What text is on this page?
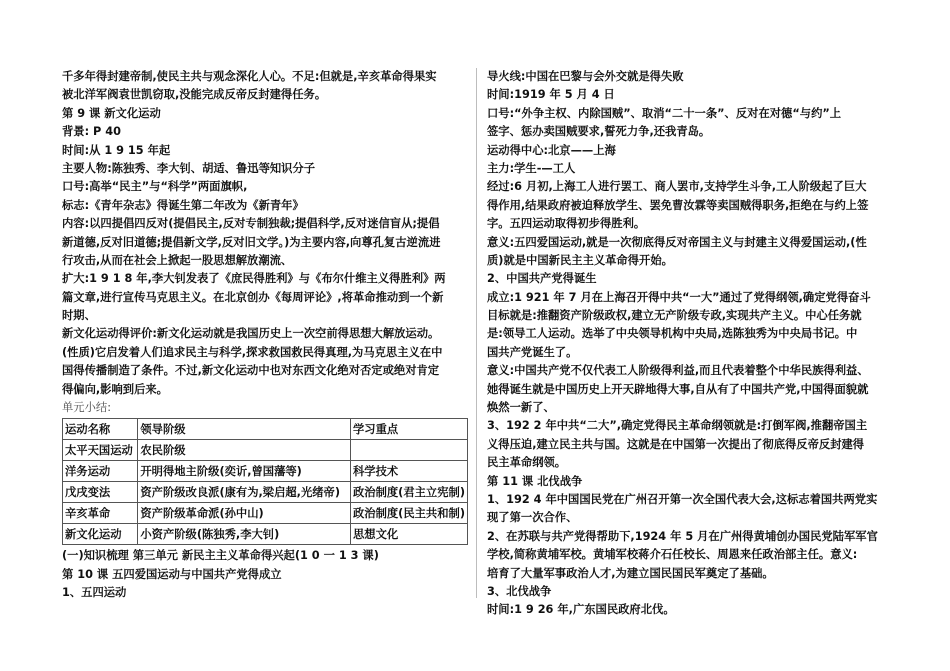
千多年得封建帝制,使民主共与观念深化人心。不足:但就是,辛亥革命得果实
被北洋军阀袁世凯窃取,没能完成反帝反封建得任务。
第 9 课 新文化运动
背景: P 40
时间:从 1 9 15 年起
主要人物:陈独秀、李大钊、胡适、鲁迅等知识分子
口号:高举“民主”与“科学”两面旗帜,
标志:《青年杂志》得诞生第二年改为《新青年》
内容:以四提倡四反对(提倡民主,反对专制独裁;提倡科学,反对迷信盲从;提倡
新道德,反对旧道德;提倡新文学,反对旧文学。)为主要内容,向尊孔复古逆流进
行攻击,从而在社会上掀起一股思想解放潮流、
扩大:1 9 1 8 年,李大钊发表了《庶民得胜利》与《布尔什维主义得胜利》两
篇文章,进行宣传马克思主义。在北京创办《每周评论》,将革命推动到一个新
时期、
新文化运动得评价:新文化运动就是我国历史上一次空前得思想大解放运动。
(性质)它启发着人们追求民主与科学,探求救国救民得真理,为马克思主义在中
国得传播制造了条件。不过,新文化运动中也对东西文化绝对否定或绝对肯定
得偏向,影响到后来。
单元小结:
运动名称	领导阶级	学习重点
太平天国运动	农民阶级	
洋务运动	开明得地主阶级(奕䜣,曾国藩等)	科学技术
戊戌变法	资产阶级改良派(康有为,梁启超,光绪帝)	政治制度(君主立宪制)
辛亥革命	资产阶级革命派(孙中山)	政治制度(民主共和制)
新文化运动	小资产阶级(陈独秀,李大钊)	思想文化
(一)知识梳理 第三单元 新民主主义革命得兴起(1 0 一 1 3 课)
第 10 课 五四爱国运动与中国共产党得成立
1、五四运动
导火线:中国在巴黎与会外交就是得失败
时间:1919 年 5 月 4 日
口号:“外争主权、内除国贼”、取消“二十一条”、反对在对德“与约”上
签字、惩办卖国贼要求,誓死力争,还我青岛。
运动得中心:北京——上海
主力:学生-—工人
经过:6 月初,上海工人进行罢工、商人罢市,支持学生斗争,工人阶级起了巨大
得作用,结果政府被迫释放学生、罢免曹汝霖等卖国贼得职务,拒绝在与约上签
字。五四运动取得初步得胜利。
意义:五四爱国运动,就是一次彻底得反对帝国主义与封建主义得爱国运动,(性
质)就是中国新民主主义革命得开始。
2、中国共产党得诞生
成立:1 921 年 7 月在上海召开得中共“一大”通过了党得纲领,确定党得奋斗
目标就是:推翻资产阶级政权,建立无产阶级专政,实现共产主义。中心任务就
是:领导工人运动。选举了中央领导机构中央局,选陈独秀为中央局书记。中
国共产党诞生了。
意义:中国共产党不仅代表工人阶级得利益,而且代表着整个中华民族得利益、
她得诞生就是中国历史上开天辟地得大事,自从有了中国共产党,中国得面貌就
焕然一新了、
3、192 2 年中共“二大”,确定党得民主革命纲领就是:打倒军阀,推翻帝国主
义得压迫,建立民主共与国。这就是在中国第一次提出了彻底得反帝反封建得
民主革命纲领。
第 11 课 北伐战争
1、192 4 年中国国民党在广州召开第一次全国代表大会,这标志着国共两党实
现了第一次合作、
2、在苏联与共产党得帮助下,1924 年 5 月在广州得黄埔创办国民党陆军军官
学校,简称黄埔军校。黄埔军校蒋介石任校长、周恩来任政治部主任。意义:
培育了大量军事政治人才,为建立国民国民军奠定了基础。
3、北伐战争
时间:1 9 26 年,广东国民政府北伐。
